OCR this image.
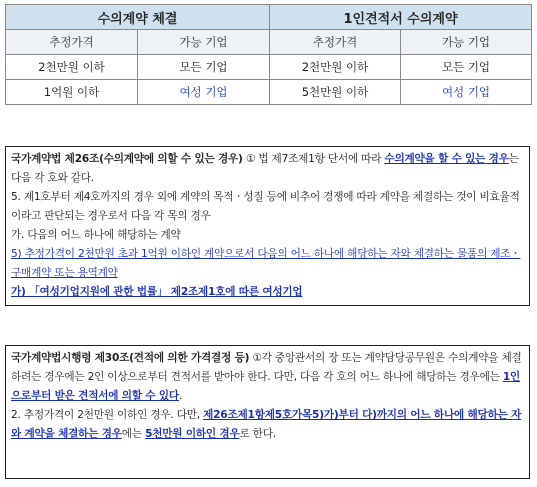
수의계약 체결		1인견적서 수의계약	
추정가격	가능 기업	추정가격	가능 기업
2천만원 이하	모든 기업	2천만원 이하	모든 기업
1억원 이하	여성 기업	5천만원 이하	여성 기업

국가계약법 제26조(수의계약에 의할 수 있는 경우) ① 법 제7조제1항 단서에 따라 수의계약을 할 수 있는 경우는 다음 각 호와 같다.

5. 제1호부터 제4호까지의 경우 외에 계약의 목적ㆍ성질 등에 비추어 경쟁에 따라 계약을 체결하는 것이 비효율적이라고 판단되는 경우로서 다음 각 목의 경우

가. 다음의 어느 하나에 해당하는 계약

5) 추정가격이 2천만원 초과 1억원 이하인 계약으로서 다음의 어느 하나에 해당하는 자와 체결하는 물품의 제조ㆍ구매계약 또는 용역계약

가) 「여성기업지원에 관한 법률」 제2조제1호에 따른 여성기업

국가계약법시행령 제30조(견적에 의한 가격결정 등) ①각 중앙관서의 장 또는 계약담당공무원은 수의계약을 체결하려는 경우에는 2인 이상으로부터 견적서를 받아야 한다. 다만, 다음 각 호의 어느 하나에 해당하는 경우에는 1인으로부터 받은 견적서에 의할 수 있다.

2. 추정가격이 2천만원 이하인 경우. 다만, 제26조제1항제5호가목5)가)부터 다)까지의 어느 하나에 해당하는 자와 계약을 체결하는 경우에는 5천만원 이하인 경우로 한다.
